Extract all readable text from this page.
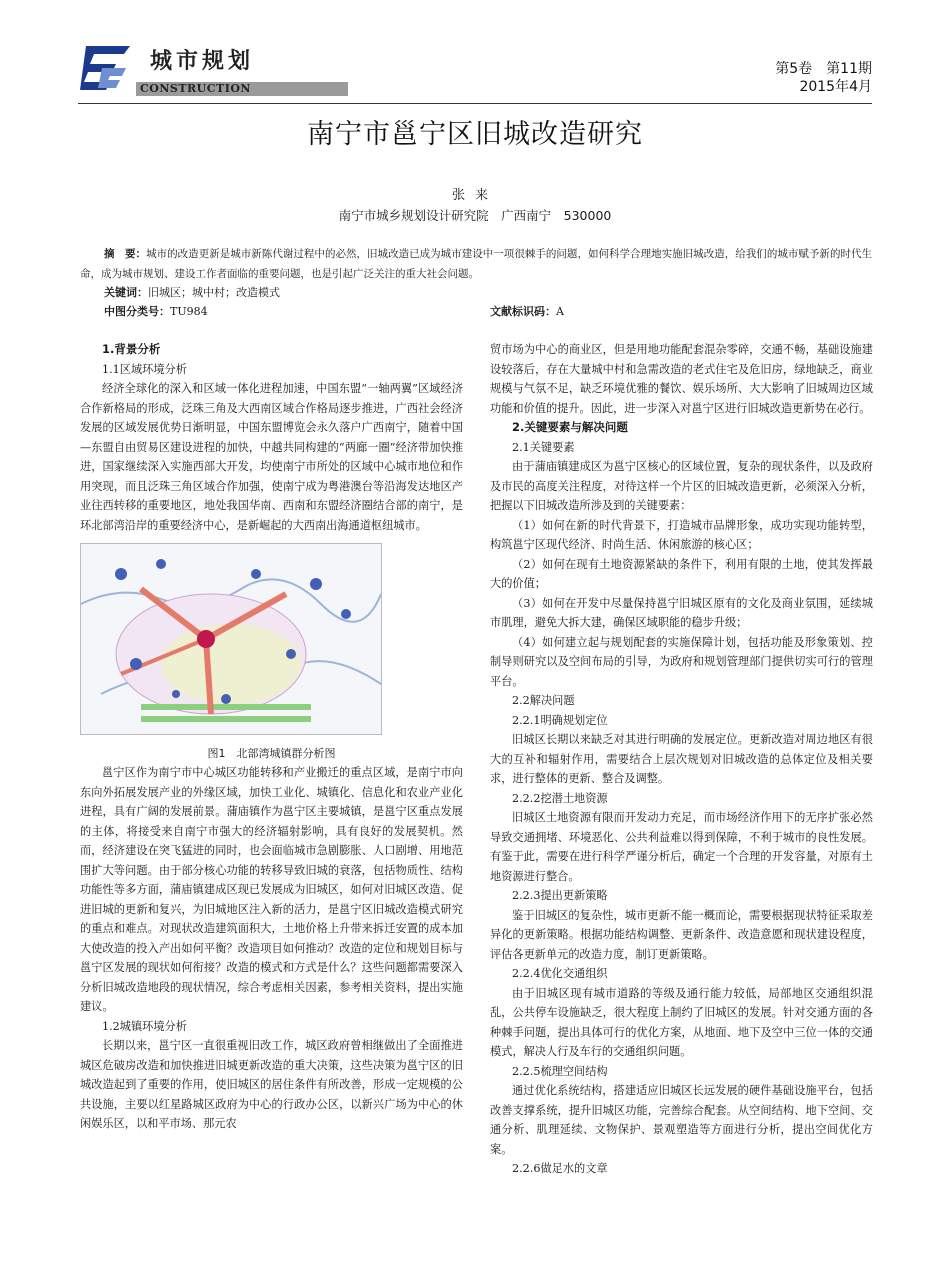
城市规划
CONSTRUCTION
第5卷　第11期
2015年4月
南宁市邕宁区旧城改造研究
张来
南宁市城乡规划设计研究院　广西南宁　530000
摘　要：城市的改造更新是城市新陈代谢过程中的必然，旧城改造已成为城市建设中一项很棘手的问题，如何科学合理地实施旧城改造，给我们的城市赋予新的时代生命，成为城市规划、建设工作者面临的重要问题，也是引起广泛关注的重大社会问题。
关键词：旧城区；城中村；改造模式
中图分类号：TU984	文献标识码：A
1.背景分析
1.1区域环境分析

经济全球化的深入和区域一体化进程加速，中国东盟“一轴两翼”区域经济合作新格局的形成，泛珠三角及大西南区域合作格局逐步推进，广西社会经济发展的区域发展优势日渐明显，中国东盟博览会永久落户广西南宁，随着中国—东盟自由贸易区建设进程的加快，中越共同构建的“两廊一圈”经济带加快推进，国家继续深入实施西部大开发，均使南宁市所处的区域中心城市地位和作用突现，而且泛珠三角区域合作加强，使南宁成为粤港澳台等沿海发达地区产业往西转移的重要地区，地处我国华南、西南和东盟经济圈结合部的南宁，是环北部湾沿岸的重要经济中心，是新崛起的大西南出海通道枢纽城市。

图1　北部湾城镇群分析图

邕宁区作为南宁市中心城区功能转移和产业搬迁的重点区域，是南宁市向东向外拓展发展产业的外缘区域，加快工业化、城镇化、信息化和农业产业化进程，具有广阔的发展前景。蒲庙镇作为邕宁区主要城镇，是邕宁区重点发展的主体，将接受来自南宁市强大的经济辐射影响，具有良好的发展契机。然而，经济建设在突飞猛进的同时，也会面临城市急剧膨胀、人口剧增、用地范围扩大等问题。由于部分核心功能的转移导致旧城的衰落，包括物质性、结构功能性等多方面，蒲庙镇建成区现已发展成为旧城区，如何对旧城区改造、促进旧城的更新和复兴，为旧城地区注入新的活力，是邕宁区旧城改造模式研究的重点和难点。对现状改造建筑面积大，土地价格上升带来拆迁安置的成本加大使改造的投入产出如何平衡？改造项目如何推动？改造的定位和规划目标与邕宁区发展的现状如何衔接？改造的模式和方式是什么？这些问题都需要深入分析旧城改造地段的现状情况，综合考虑相关因素，参考相关资料，提出实施建议。

1.2城镇环境分析

长期以来，邕宁区一直很重视旧改工作，城区政府曾相继做出了全面推进城区危破房改造和加快推进旧城更新改造的重大决策，这些决策为邕宁区的旧城改造起到了重要的作用，使旧城区的居住条件有所改善，形成一定规模的公共设施，主要以红星路城区政府为中心的行政办公区，以新兴广场为中心的休闲娱乐区，以和平市场、那元农

贸市场为中心的商业区，但是用地功能配套混杂零碎，交通不畅，基础设施建设较落后，存在大量城中村和急需改造的老式住宅及危旧房，绿地缺乏，商业规模与气氛不足，缺乏环境优雅的餐饮、娱乐场所、大大影响了旧城周边区域功能和价值的提升。因此，进一步深入对邕宁区进行旧城改造更新势在必行。

2.关键要素与解决问题
2.1关键要素

由于蒲庙镇建成区为邕宁区核心的区域位置，复杂的现状条件，以及政府及市民的高度关注程度，对待这样一个片区的旧城改造更新，必须深入分析，把握以下旧城改造所涉及到的关键要素：

（1）如何在新的时代背景下，打造城市品牌形象，成功实现功能转型，构筑邕宁区现代经济、时尚生活、休闲旅游的核心区；

（2）如何在现有土地资源紧缺的条件下，利用有限的土地，使其发挥最大的价值；

（3）如何在开发中尽量保持邕宁旧城区原有的文化及商业氛围，延续城市肌理，避免大拆大建，确保区域职能的稳步升级；

（4）如何建立起与规划配套的实施保障计划，包括功能及形象策划、控制导则研究以及空间布局的引导，为政府和规划管理部门提供切实可行的管理平台。

2.2解决问题
2.2.1明确规划定位

旧城区长期以来缺乏对其进行明确的发展定位。更新改造对周边地区有很大的互补和辐射作用，需要结合上层次规划对旧城改造的总体定位及相关要求，进行整体的更新、整合及调整。

2.2.2挖潜土地资源

旧城区土地资源有限而开发动力充足，而市场经济作用下的无序扩张必然导致交通拥堵、环境恶化、公共利益难以得到保障，不利于城市的良性发展。有鉴于此，需要在进行科学严谨分析后，确定一个合理的开发容量，对原有土地资源进行整合。

2.2.3提出更新策略

鉴于旧城区的复杂性，城市更新不能一概而论，需要根据现状特征采取差异化的更新策略。根据功能结构调整、更新条件、改造意愿和现状建设程度，评估各更新单元的改造力度，制订更新策略。

2.2.4优化交通组织

由于旧城区现有城市道路的等级及通行能力较低，局部地区交通组织混乱，公共停车设施缺乏，很大程度上制约了旧城区的发展。针对交通方面的各种棘手问题，提出具体可行的优化方案，从地面、地下及空中三位一体的交通模式，解决人行及车行的交通组织问题。

2.2.5梳理空间结构

通过优化系统结构，搭建适应旧城区长远发展的硬件基础设施平台，包括改善支撑系统，提升旧城区功能，完善综合配套。从空间结构、地下空间、交通分析、肌理延续、文物保护、景观塑造等方面进行分析，提出空间优化方案。

2.2.6做足水的文章
